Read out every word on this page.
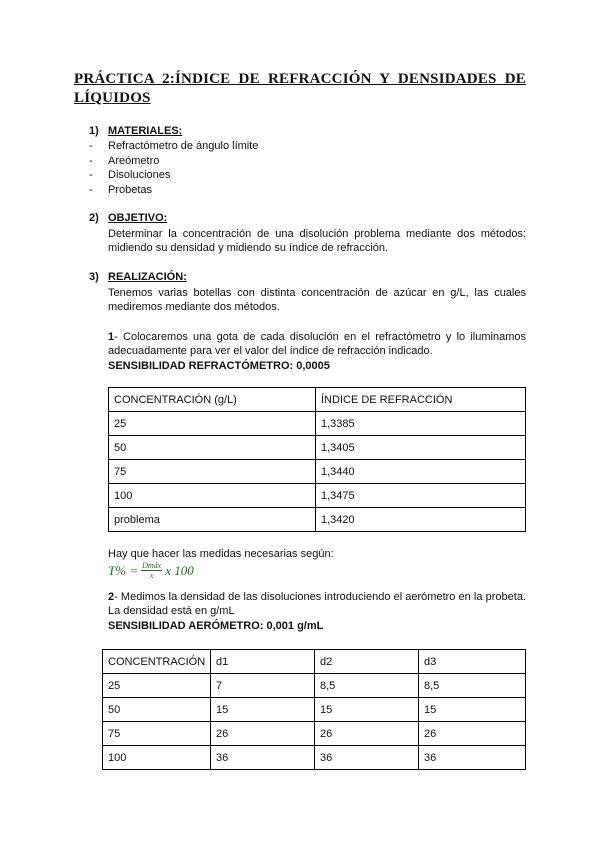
PRÁCTICA 2:ÍNDICE DE REFRACCIÓN Y DENSIDADES DE LÍQUIDOS
1) MATERIALES:
- Refractómetro de ángulo límite
- Areómetro
- Disoluciones
- Probetas
2) OBJETIVO:
Determinar la concentración de una disolución problema mediante dos métodos: midiendo su densidad y midiendo su índice de refracción.
3) REALIZACIÓN:
Tenemos varias botellas con distinta concentración de azúcar en g/L, las cuales mediremos mediante dos métodos.
1- Colocaremos una gota de cada disolución en el refractómetro y lo iluminamos adecuadamente para ver el valor del índice de refracción indicado.
SENSIBILIDAD REFRACTÓMETRO: 0,0005
CONCENTRACIÓN (g/L)	ÍNDICE DE REFRACCIÓN
25	1,3385
50	1,3405
75	1,3440
100	1,3475
problema	1,3420
Hay que hacer las medidas necesarias según:
$T\% = \frac{\text{Dmáx}}{x}$ x 100
2- Medimos la densidad de las disoluciones introduciendo el aerómetro en la probeta. La densidad está en g/mL
SENSIBILIDAD AERÓMETRO: 0,001 g/mL
CONCENTRACIÓN	d1	d2	d3
25	7	8,5	8,5
50	15	15	15
75	26	26	26
100	36	36	36
